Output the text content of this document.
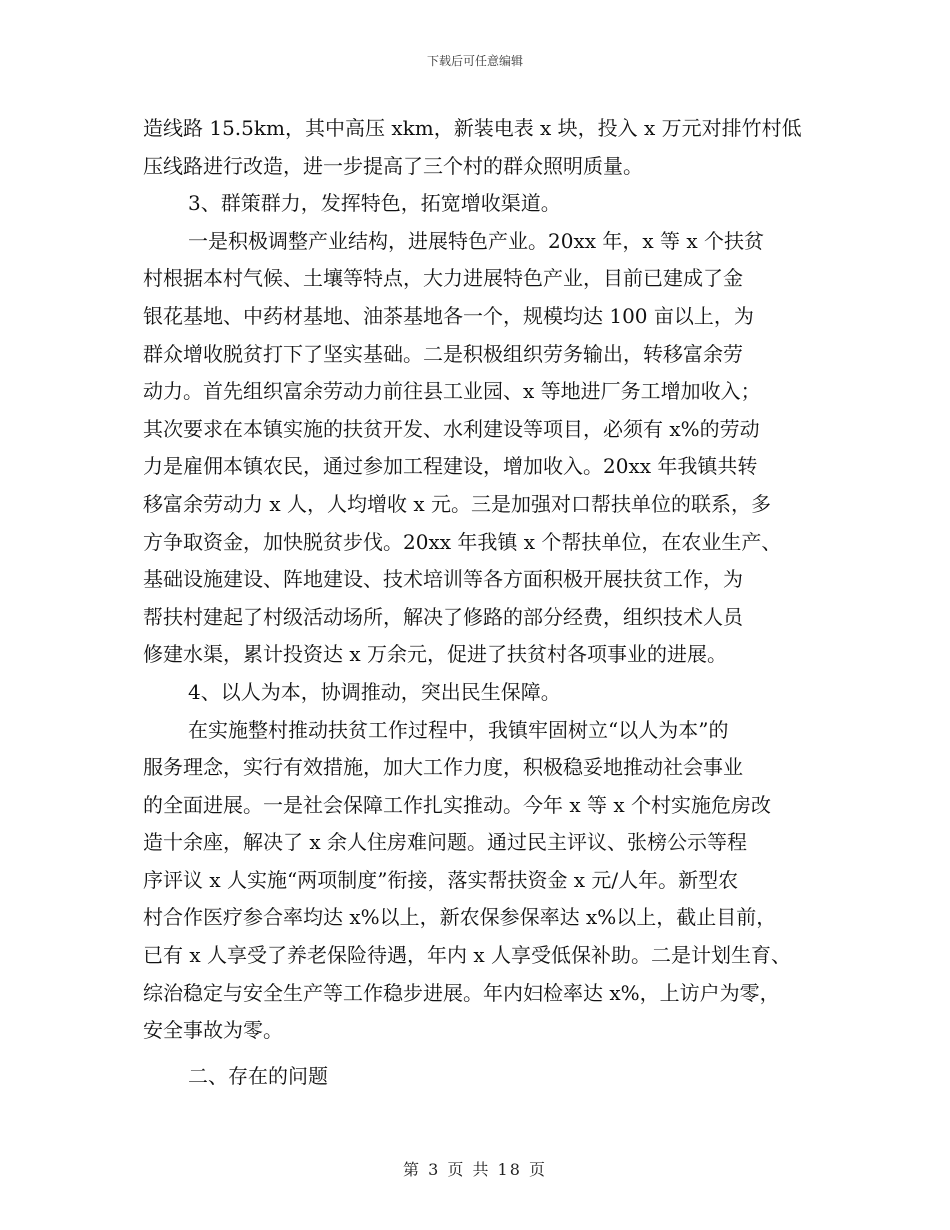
下载后可任意编辑
造线路 15.5km，其中高压 xkm，新装电表 x 块，投入 x 万元对排竹村低
压线路进行改造，进一步提高了三个村的群众照明质量。
3、群策群力，发挥特色，拓宽增收渠道。
一是积极调整产业结构，进展特色产业。20xx 年，x 等 x 个扶贫
村根据本村气候、土壤等特点，大力进展特色产业，目前已建成了金
银花基地、中药材基地、油茶基地各一个，规模均达 100 亩以上，为
群众增收脱贫打下了坚实基础。二是积极组织劳务输出，转移富余劳
动力。首先组织富余劳动力前往县工业园、x 等地进厂务工增加收入；
其次要求在本镇实施的扶贫开发、水利建设等项目，必须有 x%的劳动
力是雇佣本镇农民，通过参加工程建设，增加收入。20xx 年我镇共转
移富余劳动力 x 人，人均增收 x 元。三是加强对口帮扶单位的联系，多
方争取资金，加快脱贫步伐。20xx 年我镇 x 个帮扶单位，在农业生产、
基础设施建设、阵地建设、技术培训等各方面积极开展扶贫工作，为
帮扶村建起了村级活动场所，解决了修路的部分经费，组织技术人员
修建水渠，累计投资达 x 万余元，促进了扶贫村各项事业的进展。
4、以人为本，协调推动，突出民生保障。
在实施整村推动扶贫工作过程中，我镇牢固树立“以人为本”的
服务理念，实行有效措施，加大工作力度，积极稳妥地推动社会事业
的全面进展。一是社会保障工作扎实推动。今年 x 等 x 个村实施危房改
造十余座，解决了 x 余人住房难问题。通过民主评议、张榜公示等程
序评议 x 人实施“两项制度”衔接，落实帮扶资金 x 元/人年。新型农
村合作医疗参合率均达 x%以上，新农保参保率达 x%以上，截止目前，
已有 x 人享受了养老保险待遇，年内 x 人享受低保补助。二是计划生育、
综治稳定与安全生产等工作稳步进展。年内妇检率达 x%，上访户为零，
安全事故为零。
二、存在的问题
第 3 页 共 18 页
